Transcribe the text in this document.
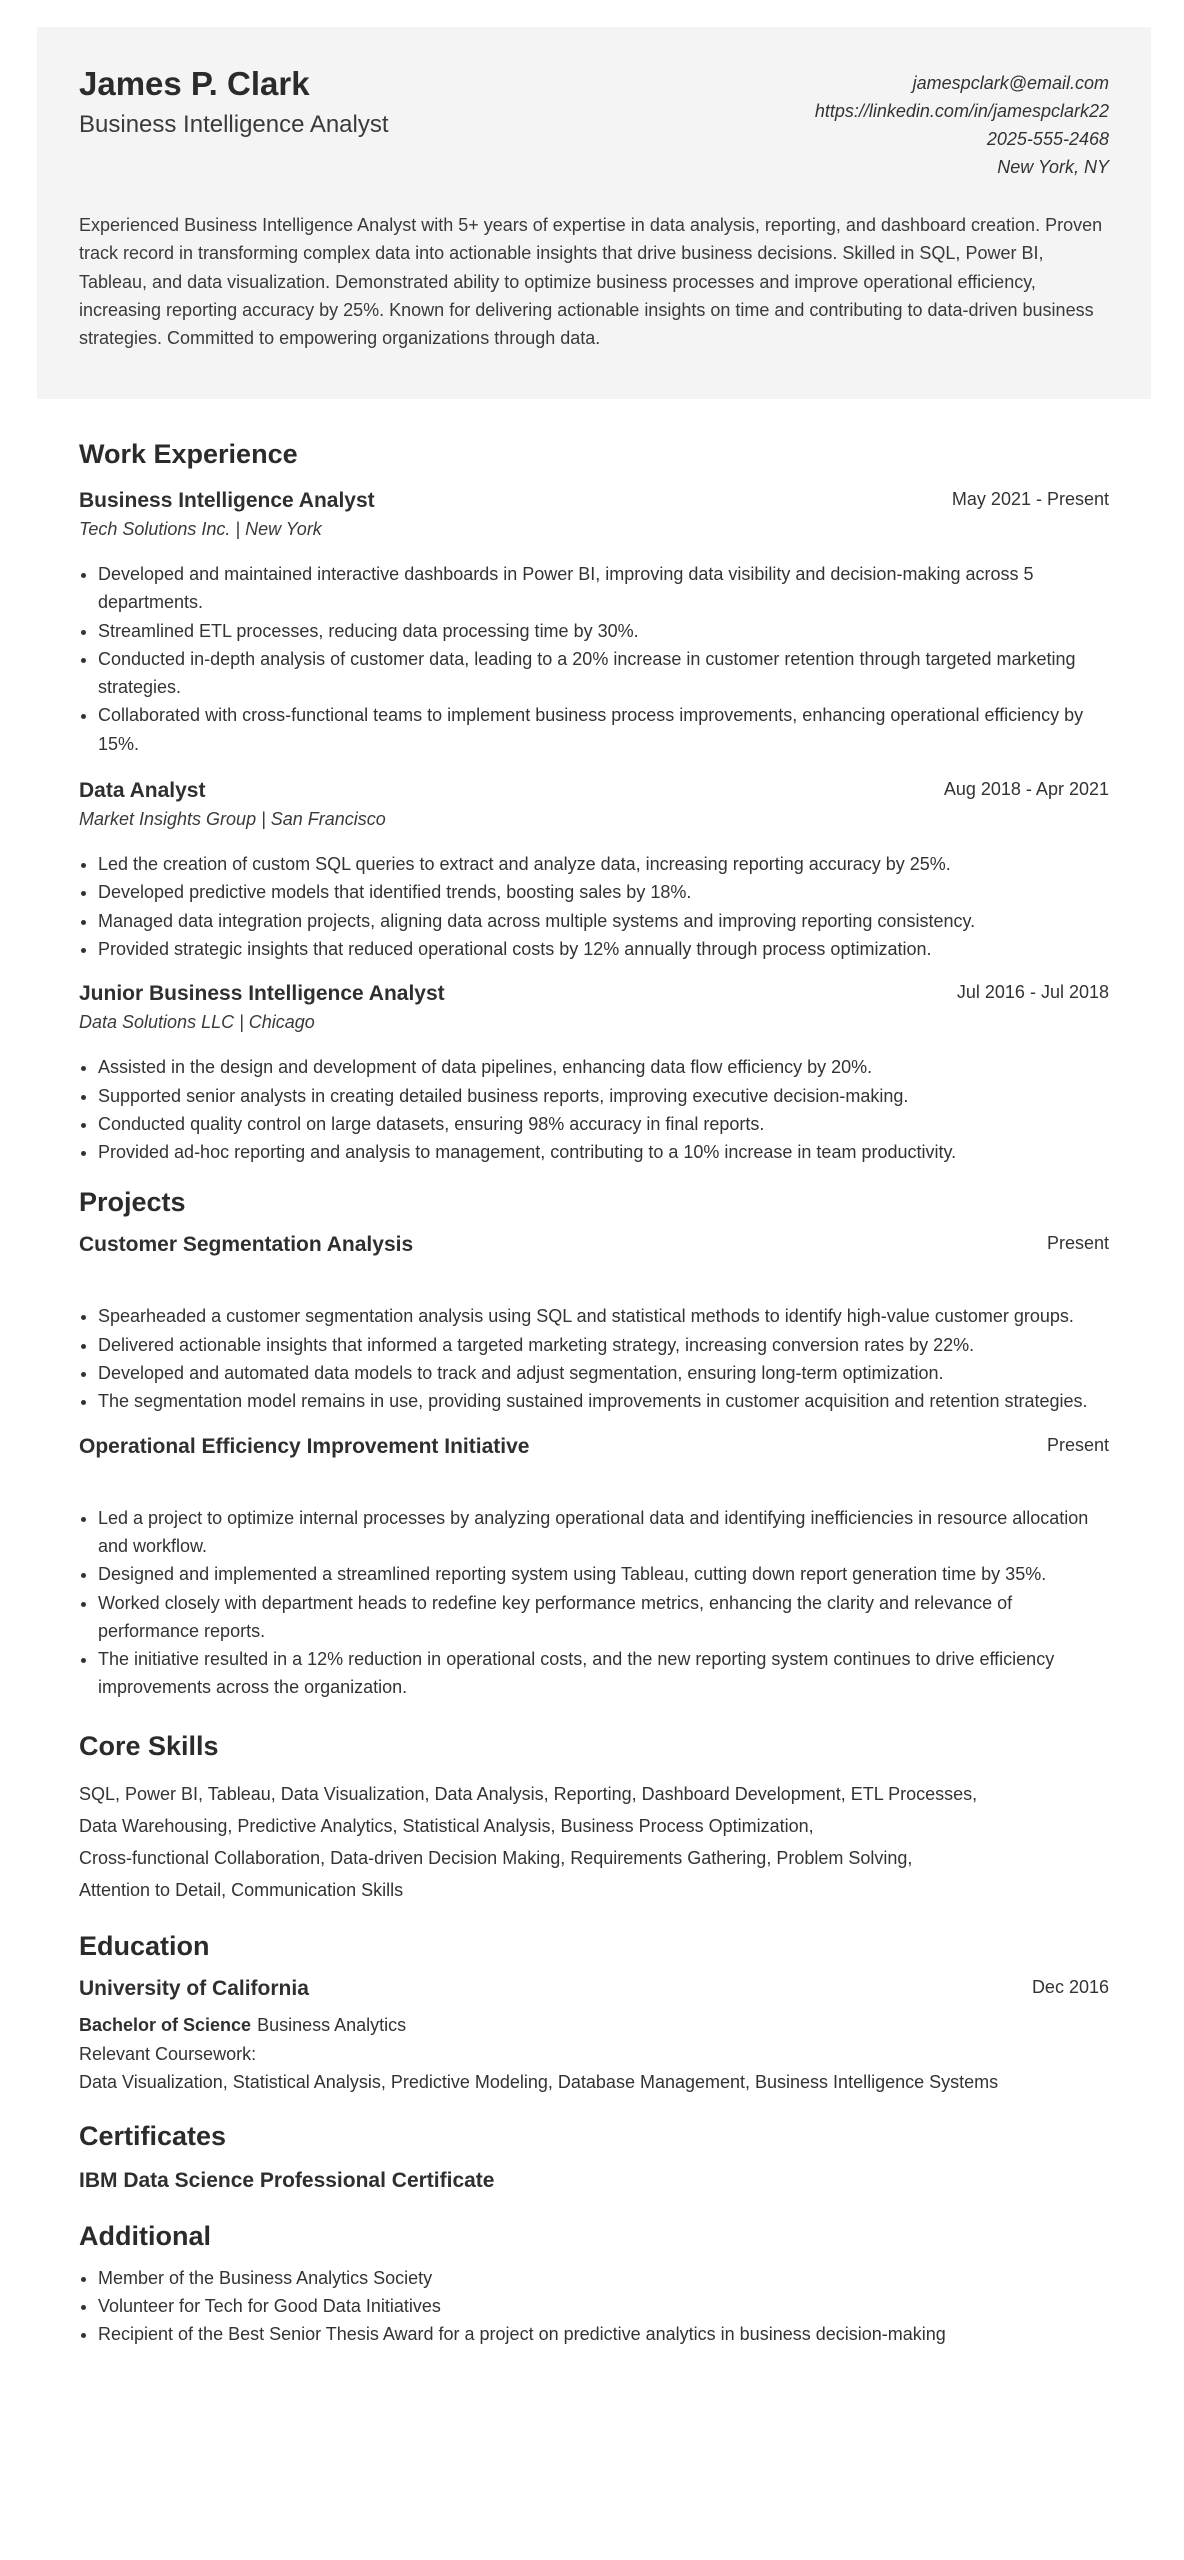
James P. Clark
Business Intelligence Analyst
jamespclark@email.com
https://linkedin.com/in/jamespclark22
2025-555-2468
New York, NY

Experienced Business Intelligence Analyst with 5+ years of expertise in data analysis, reporting, and dashboard creation. Proven track record in transforming complex data into actionable insights that drive business decisions. Skilled in SQL, Power BI, Tableau, and data visualization. Demonstrated ability to optimize business processes and improve operational efficiency, increasing reporting accuracy by 25%. Known for delivering actionable insights on time and contributing to data-driven business strategies. Committed to empowering organizations through data.

Work Experience
Business Intelligence Analyst	May 2021 - Present

Tech Solutions Inc. | New York

• Developed and maintained interactive dashboards in Power BI, improving data visibility and decision-making across 5 departments.
• Streamlined ETL processes, reducing data processing time by 30%.
• Conducted in-depth analysis of customer data, leading to a 20% increase in customer retention through targeted marketing strategies.
• Collaborated with cross-functional teams to implement business process improvements, enhancing operational efficiency by 15%.
Data Analyst	Aug 2018 - Apr 2021

Market Insights Group | San Francisco

• Led the creation of custom SQL queries to extract and analyze data, increasing reporting accuracy by 25%.
• Developed predictive models that identified trends, boosting sales by 18%.
• Managed data integration projects, aligning data across multiple systems and improving reporting consistency.
• Provided strategic insights that reduced operational costs by 12% annually through process optimization.
Junior Business Intelligence Analyst	Jul 2016 - Jul 2018

Data Solutions LLC | Chicago

• Assisted in the design and development of data pipelines, enhancing data flow efficiency by 20%.
• Supported senior analysts in creating detailed business reports, improving executive decision-making.
• Conducted quality control on large datasets, ensuring 98% accuracy in final reports.
• Provided ad-hoc reporting and analysis to management, contributing to a 10% increase in team productivity.
Projects
Customer Segmentation Analysis	Present
• Spearheaded a customer segmentation analysis using SQL and statistical methods to identify high-value customer groups.
• Delivered actionable insights that informed a targeted marketing strategy, increasing conversion rates by 22%.
• Developed and automated data models to track and adjust segmentation, ensuring long-term optimization.
• The segmentation model remains in use, providing sustained improvements in customer acquisition and retention strategies.
Operational Efficiency Improvement Initiative	Present
• Led a project to optimize internal processes by analyzing operational data and identifying inefficiencies in resource allocation and workflow.
• Designed and implemented a streamlined reporting system using Tableau, cutting down report generation time by 35%.
• Worked closely with department heads to redefine key performance metrics, enhancing the clarity and relevance of performance reports.
• The initiative resulted in a 12% reduction in operational costs, and the new reporting system continues to drive efficiency improvements across the organization.
Core Skills
SQL, Power BI, Tableau, Data Visualization, Data Analysis, Reporting, Dashboard Development, ETL Processes,
Data Warehousing, Predictive Analytics, Statistical Analysis, Business Process Optimization,
Cross-functional Collaboration, Data-driven Decision Making, Requirements Gathering, Problem Solving,
Attention to Detail, Communication Skills
Education
University of California	Dec 2016

Bachelor of Science Business Analytics

Relevant Coursework:
Data Visualization, Statistical Analysis, Predictive Modeling, Database Management, Business Intelligence Systems
Certificates

IBM Data Science Professional Certificate

Additional
• Member of the Business Analytics Society
• Volunteer for Tech for Good Data Initiatives
• Recipient of the Best Senior Thesis Award for a project on predictive analytics in business decision-making
